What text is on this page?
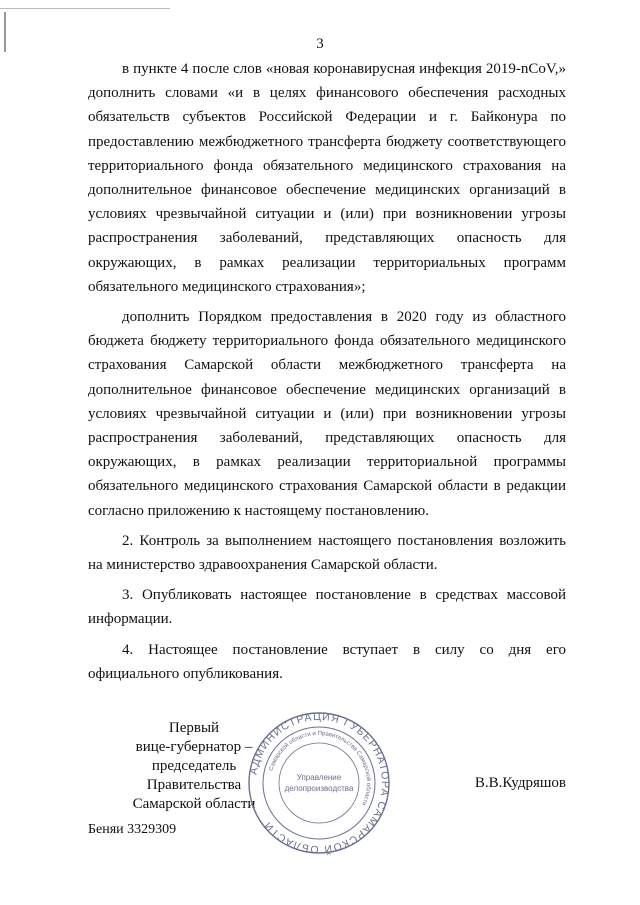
3

в пункте 4 после слов «новая коронавирусная инфекция 2019-nCoV,» дополнить словами «и в целях финансового обеспечения расходных обязательств субъектов Российской Федерации и г. Байконура по предоставлению межбюджетного трансферта бюджету соответствующего территориального фонда обязательного медицинского страхования на дополнительное финансовое обеспечение медицинских организаций в условиях чрезвычайной ситуации и (или) при возникновении угрозы распространения заболеваний, представляющих опасность для окружающих, в рамках реализации территориальных программ обязательного медицинского страхования»;

дополнить Порядком предоставления в 2020 году из областного бюджета бюджету территориального фонда обязательного медицинского страхования Самарской области межбюджетного трансферта на дополнительное финансовое обеспечение медицинских организаций в условиях чрезвычайной ситуации и (или) при возникновении угрозы распространения заболеваний, представляющих опасность для окружающих, в рамках реализации территориальной программы обязательного медицинского страхования Самарской области в редакции согласно приложению к настоящему постановлению.

2. Контроль за выполнением настоящего постановления возложить на министерство здравоохранения Самарской области.

3. Опубликовать настоящее постановление в средствах массовой информации.

4. Настоящее постановление вступает в силу со дня его официального опубликования.

Первый
вице-губернатор –
председатель Правительства
Самарской области
АДМИНИСТРАЦИЯ ГУБЕРНАТОРА САМАРСКОЙ ОБЛАСТИ
Самарской области и Правительства Самарской области
Управление
делопроизводства	В.В.Кудряшов
Беняи 3329309
